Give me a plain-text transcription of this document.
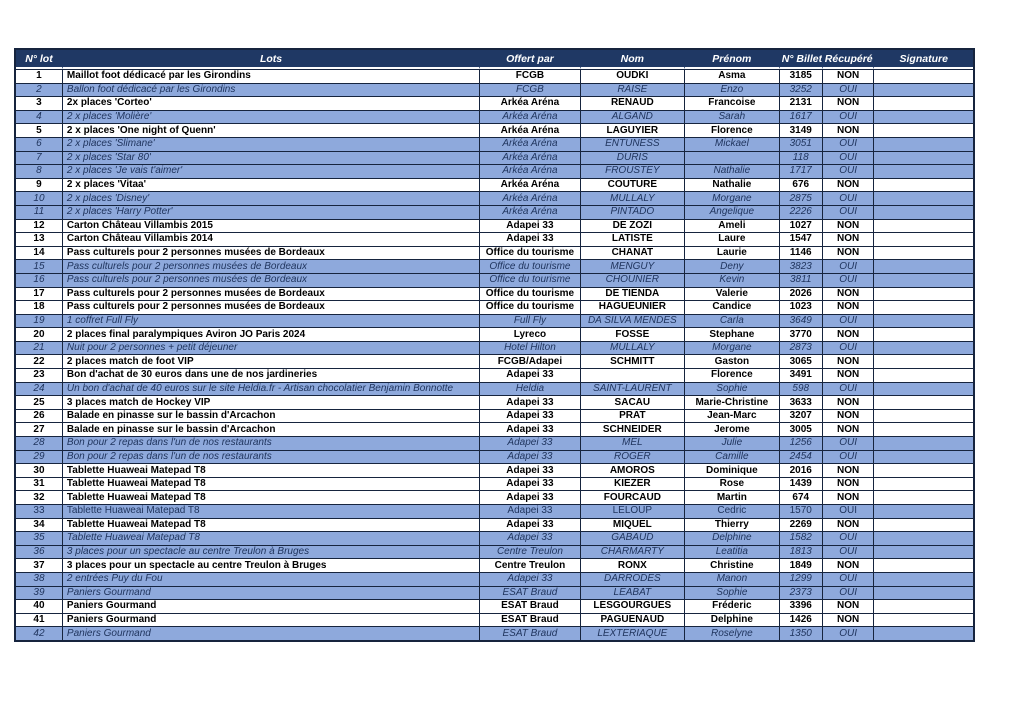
N° lot	Lots	Offert par	Nom	Prénom	N° Billet	Récupéré	Signature
1	Maillot foot dédicacé par les Girondins	FCGB	OUDKI	Asma	3185	NON	
2	Ballon foot dédicacé par les Girondins	FCGB	RAISE	Enzo	3252	OUI	
3	2x places 'Corteo'	Arkéa Aréna	RENAUD	Francoise	2131	NON	
4	2 x places 'Molière'	Arkéa Aréna	ALGAND	Sarah	1617	OUI	
5	2 x places 'One night of Quenn'	Arkéa Aréna	LAGUYIER	Florence	3149	NON	
6	2 x places 'Slimane'	Arkéa Aréna	ENTUNESS	Mickael	3051	OUI	
7	2 x places 'Star 80'	Arkéa Aréna	DURIS		118	OUI	
8	2 x places 'Je vais t'aimer'	Arkéa Aréna	FROUSTEY	Nathalie	1717	OUI	
9	2 x places 'Vitaa'	Arkéa Aréna	COUTURE	Nathalie	676	NON	
10	2 x places 'Disney'	Arkéa Aréna	MULLALY	Morgane	2875	OUI	
11	2 x places 'Harry Potter'	Arkéa Aréna	PINTADO	Angelique	2226	OUI	
12	Carton Château Villambis 2015	Adapei 33	DE ZOZI	Ameli	1027	NON	
13	Carton Château Villambis 2014	Adapei 33	LATISTE	Laure	1547	NON	
14	Pass culturels pour 2 personnes musées de Bordeaux	Office du tourisme	CHANAT	Laurie	1146	NON	
15	Pass culturels pour 2 personnes musées de Bordeaux	Office du tourisme	MENGUY	Deny	3823	OUI	
16	Pass culturels pour 2 personnes musées de Bordeaux	Office du tourisme	CHOUNIER	Kevin	3811	OUI	
17	Pass culturels pour 2 personnes musées de Bordeaux	Office du tourisme	DE TIENDA	Valerie	2026	NON	
18	Pass culturels pour 2 personnes musées de Bordeaux	Office du tourisme	HAGUEUNIER	Candice	1023	NON	
19	1 coffret Full Fly	Full Fly	DA SILVA MENDES	Carla	3649	OUI	
20	2 places final paralympiques Aviron JO Paris 2024	Lyreco	FOSSE	Stephane	3770	NON	
21	Nuit pour 2 personnes + petit déjeuner	Hotel Hilton	MULLALY	Morgane	2873	OUI	
22	2 places match de foot VIP	FCGB/Adapei	SCHMITT	Gaston	3065	NON	
23	Bon d'achat de 30 euros dans une de nos jardineries	Adapei 33		Florence	3491	NON	
24	Un bon d'achat de 40 euros sur le site Heldia.fr - Artisan chocolatier Benjamin Bonnotte	Heldia	SAINT-LAURENT	Sophie	598	OUI	
25	3 places match de Hockey VIP	Adapei 33	SACAU	Marie-Christine	3633	NON	
26	Balade en pinasse sur le bassin d'Arcachon	Adapei 33	PRAT	Jean-Marc	3207	NON	
27	Balade en pinasse sur le bassin d'Arcachon	Adapei 33	SCHNEIDER	Jerome	3005	NON	
28	Bon pour 2 repas dans l'un de nos restaurants	Adapei 33	MEL	Julie	1256	OUI	
29	Bon pour 2 repas dans l'un de nos restaurants	Adapei 33	ROGER	Camille	2454	OUI	
30	Tablette Huaweai Matepad T8	Adapei 33	AMOROS	Dominique	2016	NON	
31	Tablette Huaweai Matepad T8	Adapei 33	KIEZER	Rose	1439	NON	
32	Tablette Huaweai Matepad T8	Adapei 33	FOURCAUD	Martin	674	NON	
33	Tablette Huaweai Matepad T8	Adapei 33	LELOUP	Cedric	1570	OUI	
34	Tablette Huaweai Matepad T8	Adapei 33	MIQUEL	Thierry	2269	NON	
35	Tablette Huaweai Matepad T8	Adapei 33	GABAUD	Delphine	1582	OUI	
36	3 places pour un spectacle au centre Treulon à Bruges	Centre Treulon	CHARMARTY	Leatitia	1813	OUI	
37	3 places pour un spectacle au centre Treulon à Bruges	Centre Treulon	RONX	Christine	1849	NON	
38	2 entrées Puy du Fou	Adapei 33	DARRODES	Manon	1299	OUI	
39	Paniers Gourmand	ESAT Braud	LEABAT	Sophie	2373	OUI	
40	Paniers Gourmand	ESAT Braud	LESGOURGUES	Fréderic	3396	NON	
41	Paniers Gourmand	ESAT Braud	PAGUENAUD	Delphine	1426	NON	
42	Paniers Gourmand	ESAT Braud	LEXTERIAQUE	Roselyne	1350	OUI	
